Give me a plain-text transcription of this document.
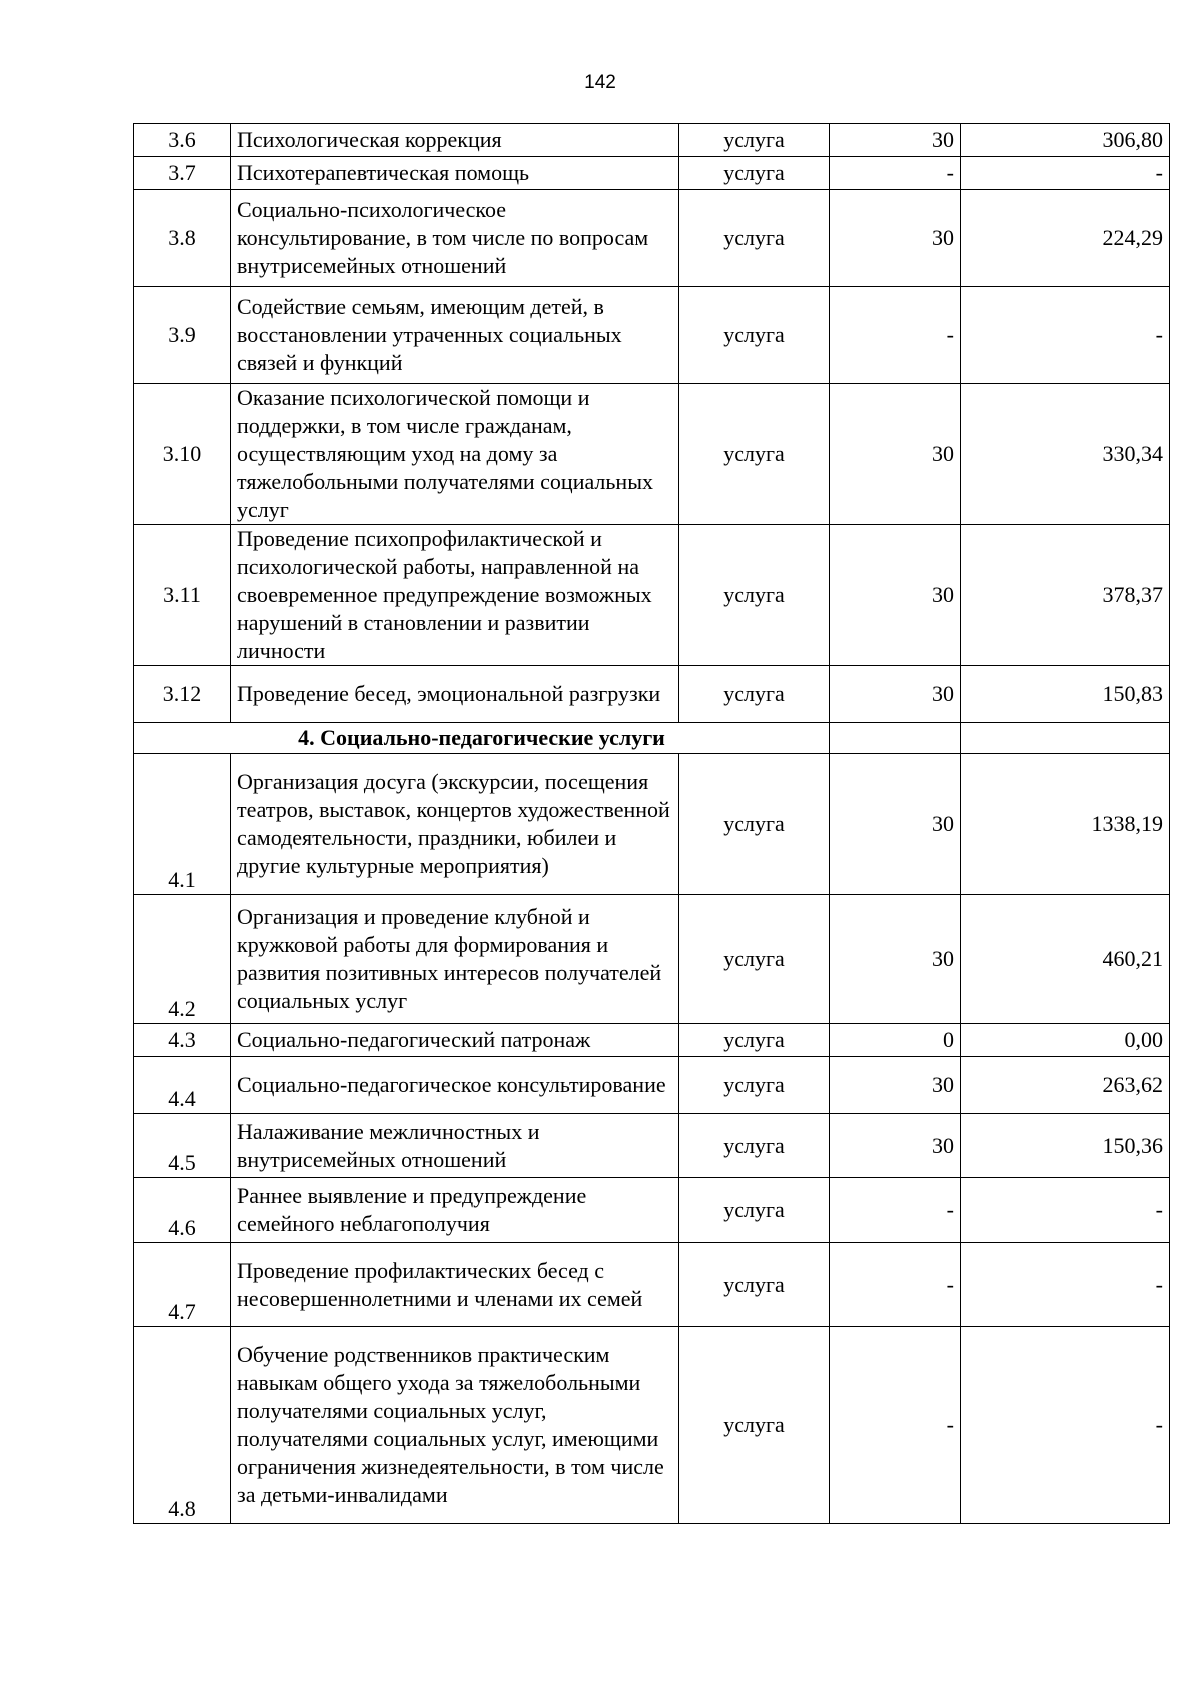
142
3.6	Психологическая коррекция	услуга	30	306,80
3.7	Психотерапевтическая помощь	услуга	-	-
3.8	Социально-психологическое консультирование, в том числе по вопросам внутрисемейных отношений	услуга	30	224,29
3.9	Содействие семьям, имеющим детей, в восстановлении утраченных социальных связей и функций	услуга	-	-
3.10	Оказание психологической помощи и поддержки, в том числе гражданам, осуществляющим уход на дому за тяжелобольными получателями социальных услуг	услуга	30	330,34
3.11	Проведение психопрофилактической и психологической работы, направленной на своевременное предупреждение возможных нарушений в становлении и развитии личности	услуга	30	378,37
3.12	Проведение бесед, эмоциональной разгрузки	услуга	30	150,83
4. Социально-педагогические услуги				
4.1	Организация досуга (экскурсии, посещения театров, выставок, концертов художественной самодеятельности, праздники, юбилеи и другие культурные мероприятия)	услуга	30	1338,19
4.2	Организация и проведение клубной и кружковой работы для формирования и развития позитивных интересов получателей социальных услуг	услуга	30	460,21
4.3	Социально-педагогический патронаж	услуга	0	0,00
4.4	Социально-педагогическое консультирование	услуга	30	263,62
4.5	Налаживание межличностных и внутрисемейных отношений	услуга	30	150,36
4.6	Раннее выявление и предупреждение семейного неблагополучия	услуга	-	-
4.7	Проведение профилактических бесед с несовершеннолетними и членами их семей	услуга	-	-
4.8	Обучение родственников практическим навыкам общего ухода за тяжелобольными получателями социальных услуг, получателями социальных услуг, имеющими ограничения жизнедеятельности, в том числе за детьми-инвалидами	услуга	-	-
